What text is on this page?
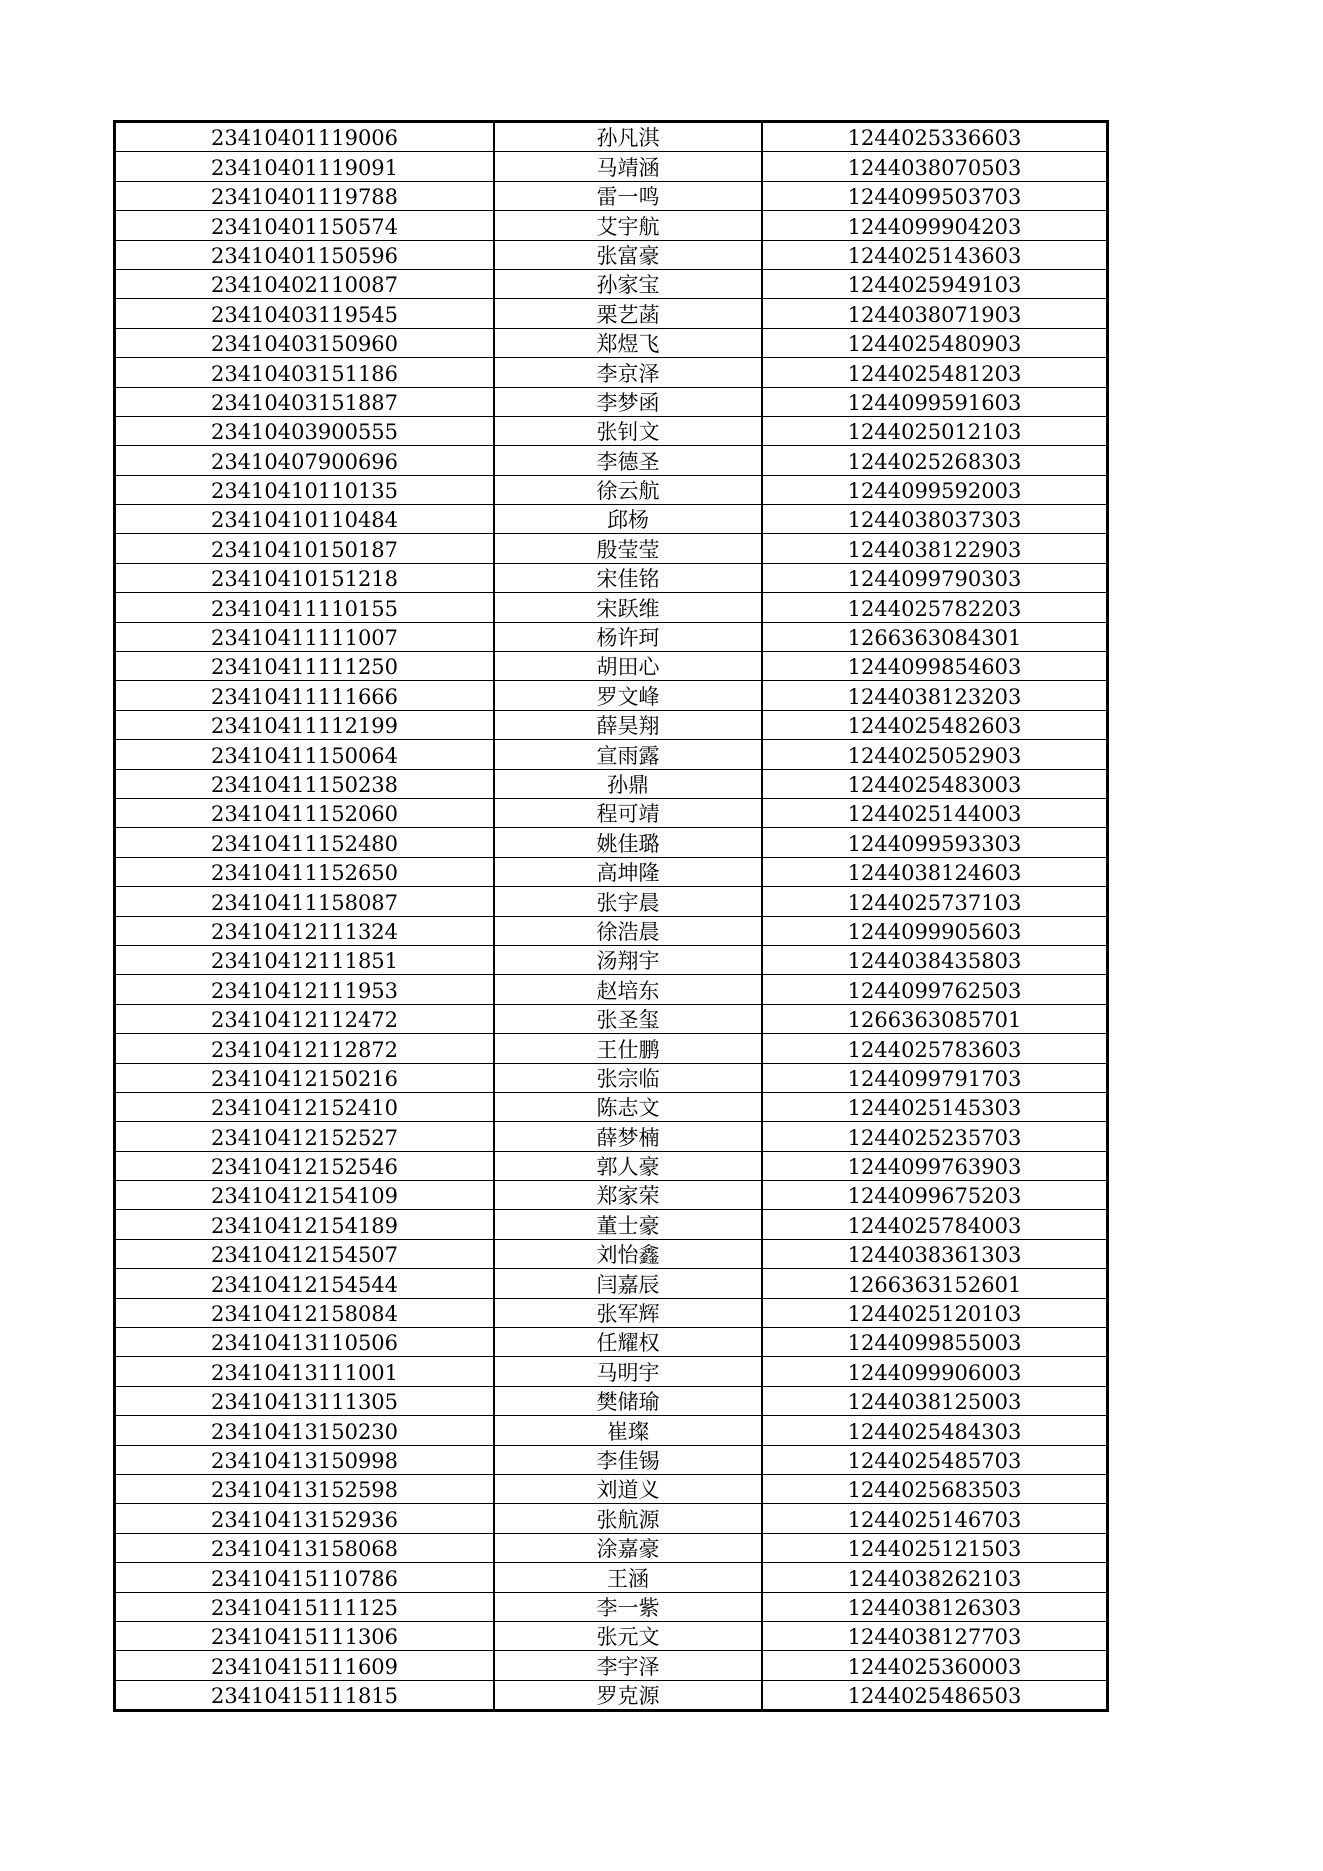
23410401119006	孙凡淇	1244025336603
23410401119091	马靖涵	1244038070503
23410401119788	雷一鸣	1244099503703
23410401150574	艾宇航	1244099904203
23410401150596	张富豪	1244025143603
23410402110087	孙家宝	1244025949103
23410403119545	栗艺菡	1244038071903
23410403150960	郑煜飞	1244025480903
23410403151186	李京泽	1244025481203
23410403151887	李梦函	1244099591603
23410403900555	张钊文	1244025012103
23410407900696	李德圣	1244025268303
23410410110135	徐云航	1244099592003
23410410110484	邱杨	1244038037303
23410410150187	殷莹莹	1244038122903
23410410151218	宋佳铭	1244099790303
23410411110155	宋跃维	1244025782203
23410411111007	杨许珂	1266363084301
23410411111250	胡田心	1244099854603
23410411111666	罗文峰	1244038123203
23410411112199	薛昊翔	1244025482603
23410411150064	宣雨露	1244025052903
23410411150238	孙鼎	1244025483003
23410411152060	程可靖	1244025144003
23410411152480	姚佳璐	1244099593303
23410411152650	高坤隆	1244038124603
23410411158087	张宇晨	1244025737103
23410412111324	徐浩晨	1244099905603
23410412111851	汤翔宇	1244038435803
23410412111953	赵培东	1244099762503
23410412112472	张圣玺	1266363085701
23410412112872	王仕鹏	1244025783603
23410412150216	张宗临	1244099791703
23410412152410	陈志文	1244025145303
23410412152527	薛梦楠	1244025235703
23410412152546	郭人豪	1244099763903
23410412154109	郑家荣	1244099675203
23410412154189	董士豪	1244025784003
23410412154507	刘怡鑫	1244038361303
23410412154544	闫嘉辰	1266363152601
23410412158084	张军辉	1244025120103
23410413110506	任耀权	1244099855003
23410413111001	马明宇	1244099906003
23410413111305	樊储瑜	1244038125003
23410413150230	崔璨	1244025484303
23410413150998	李佳锡	1244025485703
23410413152598	刘道义	1244025683503
23410413152936	张航源	1244025146703
23410413158068	涂嘉豪	1244025121503
23410415110786	王涵	1244038262103
23410415111125	李一紫	1244038126303
23410415111306	张元文	1244038127703
23410415111609	李宇泽	1244025360003
23410415111815	罗克源	1244025486503
